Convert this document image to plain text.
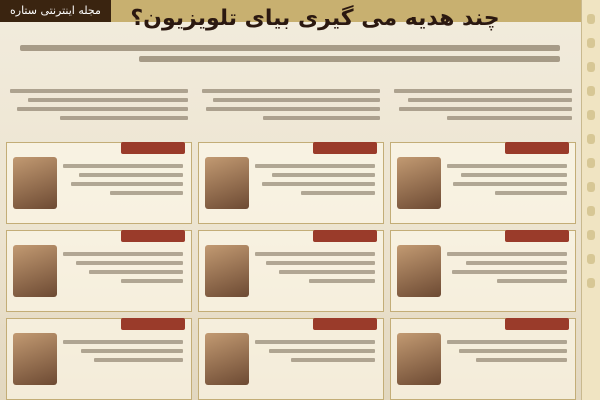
مجله اینترنتی ستاره	چند هدیه می گیری بیای تلویزیون؟
